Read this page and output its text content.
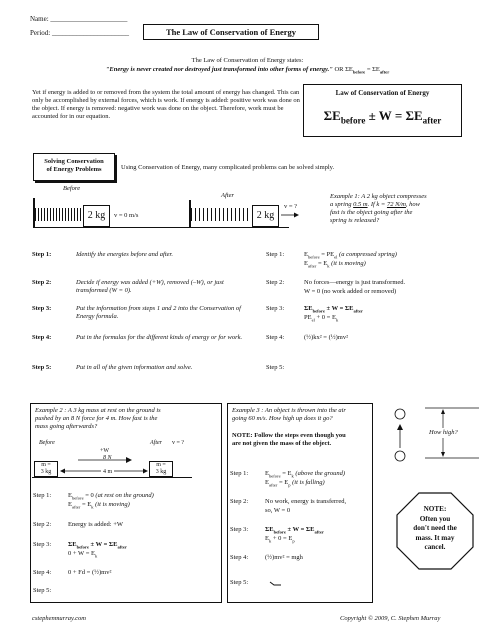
Name: ______________________
Period: ______________________	The Law of Conservation of Energy
The Law of Conservation of Energy states:
"Energy is never created nor destroyed just transformed into other forms of energy." OR $\Sigma E_{before} = \Sigma E_{after}$
Yet if energy is added to or removed from the system the total amount of energy has changed. This can only be accomplished by external forces, which is work. If energy is added: positive work was done on the object. If energy is removed: negative work was done on the object. Therefore, work must be accounted for in our equation.
Law of Conservation of Energy
$\Sigma E_{before} \pm W = \Sigma E_{after}$
Solving Conservation
of Energy Problems	Using Conservation of Energy, many complicated problems can be solved simply.
Before
2 kg	v = 0 m/s
After
2 kg
v = ?
Example 1: A 2 kg object compresses
a spring 0.5 m. If k = 72 N/m, how
fast is the object going after the
spring is released?
Step 1:	Identify the energies before and after.
Step 2:	Decide if energy was added (+W), removed (–W), or just transformed (W = 0).
Step 3:	Put the information from steps 1 and 2 into the Conservation of Energy formula.
Step 4:	Put in the formulas for the different kinds of energy or for work.
Step 5:	Put in all of the given information and solve.
Step 1:	$E_{before} = PE_{el}$ (a compressed spring)
$E_{after} = E_k$ (it is moving)
Step 2:	No forces—energy is just transformed.
W = 0 (no work added or removed)
Step 3:	$\Sigma E_{before} \pm W = \Sigma E_{after}$
$PE_{el} + 0 = E_k$
Step 4:	(½)kx² = (½)mv²
Step 5:
Example 2 : A 3 kg mass at rest on the ground is
pushed by an 8 N force for 4 m. How fast is the
mass going afterwards?
Before	After v = ?
+W
8 N
m =
3 kg
m =
3 kg
4 m
Step 1:	$E_{before} = 0$ (at rest on the ground)
$E_{after} = E_k$ (it is moving)
Step 2:	Energy is added: +W
Step 3:	$\Sigma E_{before} \pm W = \Sigma E_{after}$
$0 + W = E_k$
Step 4:	0 + Fd = (½)mv²
Step 5:
Example 3 : An object is thrown into the air
going 60 m/s. How high up does it go?
NOTE: Follow the steps even though you
are not given the mass of the object.
Step 1:	$E_{before} = E_k$ (above the ground)
$E_{after} = E_p$ (it is falling)
Step 2:	No work, energy is transferred,
so, W = 0
Step 3:	$\Sigma E_{before} \pm W = \Sigma E_{after}$
$E_k + 0 = E_p$
Step 4:	(½)mv² = mgh
Step 5:
How high?
NOTE:
Often you
don't need the
mass. It may
cancel.
cstephenmurray.com	Copyright © 2009, C. Stephen Murray
